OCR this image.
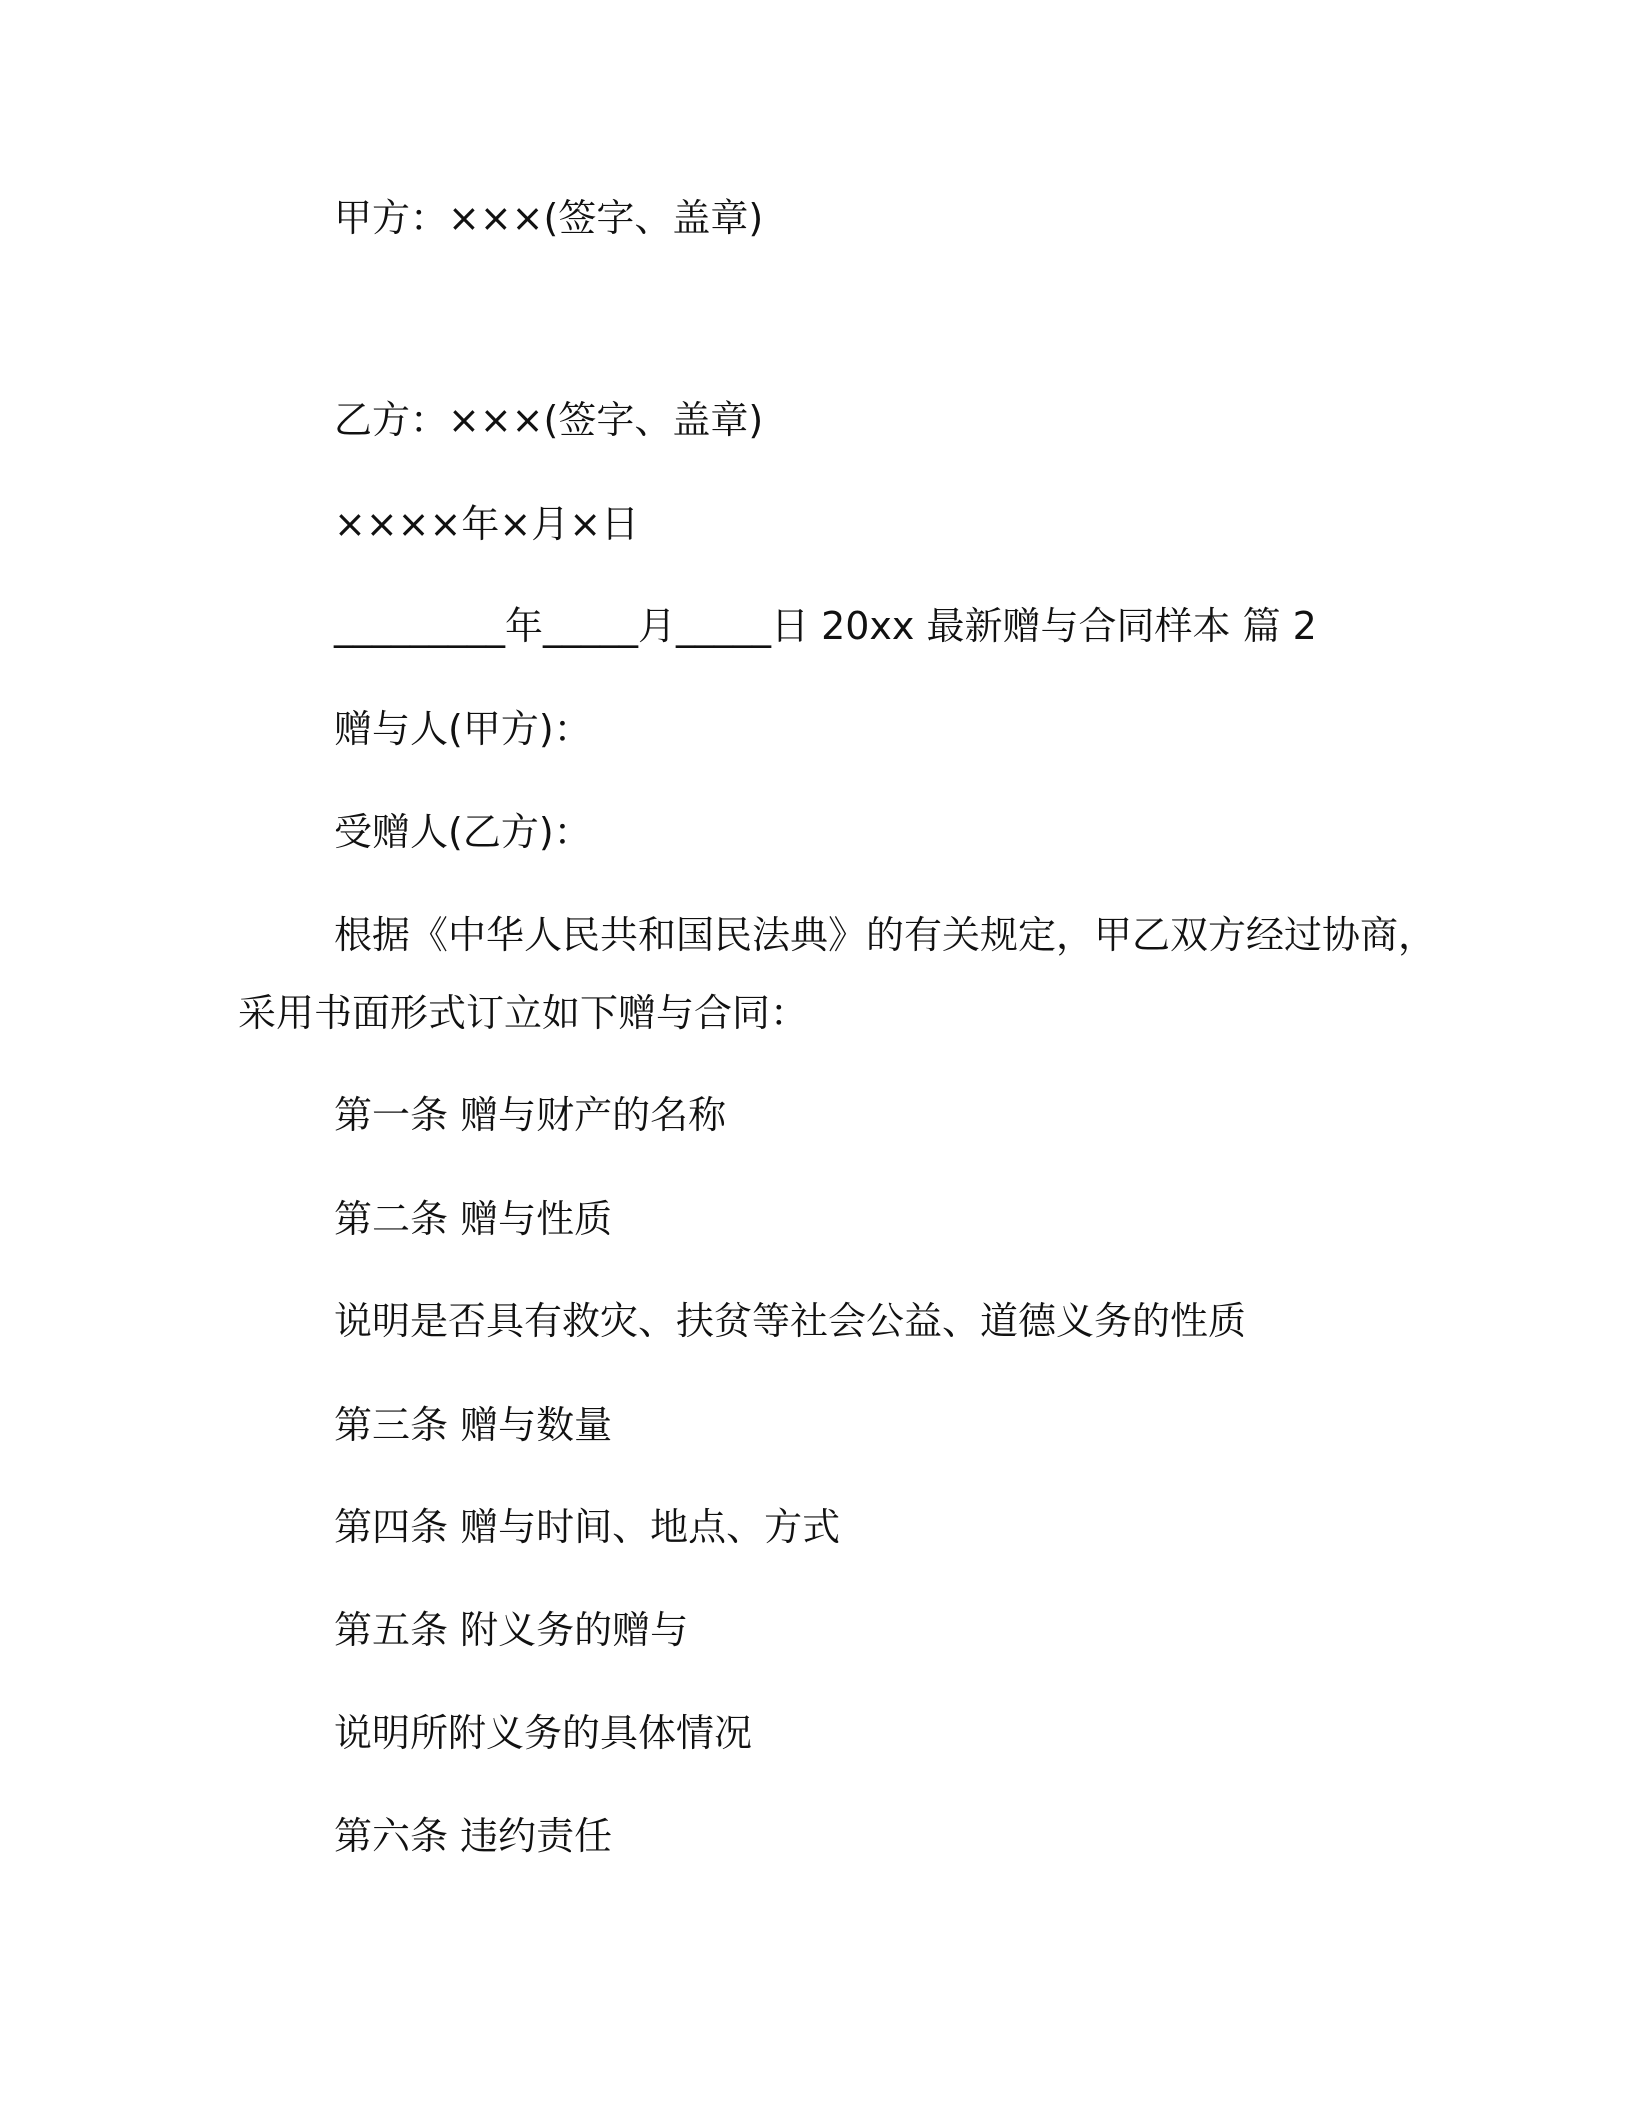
甲方：×××(签字、盖章)
乙方：×××(签字、盖章)
××××年×月×日
_________年_____月_____日 20xx 最新赠与合同样本 篇 2
赠与人(甲方)：
受赠人(乙方)：
根据《中华人民共和国民法典》的有关规定，甲乙双方经过协商，
采用书面形式订立如下赠与合同：
第一条 赠与财产的名称
第二条 赠与性质
说明是否具有救灾、扶贫等社会公益、道德义务的性质
第三条 赠与数量
第四条 赠与时间、地点、方式
第五条 附义务的赠与
说明所附义务的具体情况
第六条 违约责任
